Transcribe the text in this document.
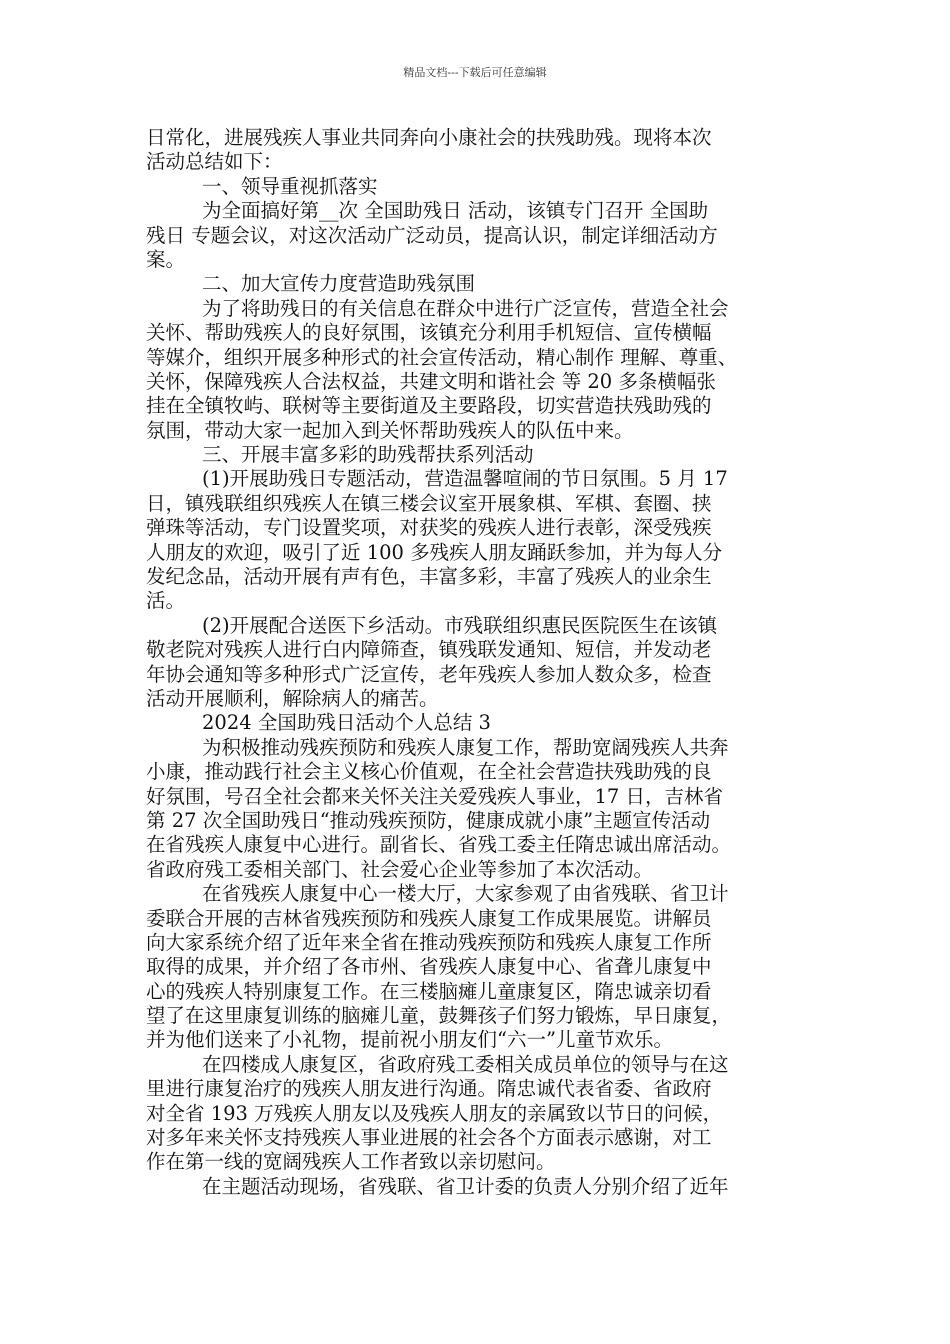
精品文档---下载后可任意编辑
日常化，进展残疾人事业共同奔向小康社会的扶残助残。现将本次
活动总结如下：
一、领导重视抓落实
为全面搞好第__次 全国助残日 活动，该镇专门召开 全国助
残日 专题会议，对这次活动广泛动员，提高认识，制定详细活动方
案。
二、加大宣传力度营造助残氛围
为了将助残日的有关信息在群众中进行广泛宣传，营造全社会
关怀、帮助残疾人的良好氛围，该镇充分利用手机短信、宣传横幅
等媒介，组织开展多种形式的社会宣传活动，精心制作 理解、尊重、
关怀，保障残疾人合法权益，共建文明和谐社会 等 20 多条横幅张
挂在全镇牧屿、联树等主要街道及主要路段，切实营造扶残助残的
氛围，带动大家一起加入到关怀帮助残疾人的队伍中来。
三、开展丰富多彩的助残帮扶系列活动
(1)开展助残日专题活动，营造温馨喧闹的节日氛围。5 月 17
日，镇残联组织残疾人在镇三楼会议室开展象棋、军棋、套圈、挟
弹珠等活动，专门设置奖项，对获奖的残疾人进行表彰，深受残疾
人朋友的欢迎，吸引了近 100 多残疾人朋友踊跃参加，并为每人分
发纪念品，活动开展有声有色，丰富多彩，丰富了残疾人的业余生
活。
(2)开展配合送医下乡活动。市残联组织惠民医院医生在该镇
敬老院对残疾人进行白内障筛查，镇残联发通知、短信，并发动老
年协会通知等多种形式广泛宣传，老年残疾人参加人数众多，检查
活动开展顺利，解除病人的痛苦。
2024 全国助残日活动个人总结 3
为积极推动残疾预防和残疾人康复工作，帮助宽阔残疾人共奔
小康，推动践行社会主义核心价值观，在全社会营造扶残助残的良
好氛围，号召全社会都来关怀关注关爱残疾人事业，17 日，吉林省
第 27 次全国助残日“推动残疾预防，健康成就小康”主题宣传活动
在省残疾人康复中心进行。副省长、省残工委主任隋忠诚出席活动。
省政府残工委相关部门、社会爱心企业等参加了本次活动。
在省残疾人康复中心一楼大厅，大家参观了由省残联、省卫计
委联合开展的吉林省残疾预防和残疾人康复工作成果展览。讲解员
向大家系统介绍了近年来全省在推动残疾预防和残疾人康复工作所
取得的成果，并介绍了各市州、省残疾人康复中心、省聋儿康复中
心的残疾人特别康复工作。在三楼脑瘫儿童康复区，隋忠诚亲切看
望了在这里康复训练的脑瘫儿童，鼓舞孩子们努力锻炼，早日康复，
并为他们送来了小礼物，提前祝小朋友们“六一”儿童节欢乐。
在四楼成人康复区，省政府残工委相关成员单位的领导与在这
里进行康复治疗的残疾人朋友进行沟通。隋忠诚代表省委、省政府
对全省 193 万残疾人朋友以及残疾人朋友的亲属致以节日的问候，
对多年来关怀支持残疾人事业进展的社会各个方面表示感谢，对工
作在第一线的宽阔残疾人工作者致以亲切慰问。
在主题活动现场，省残联、省卫计委的负责人分别介绍了近年
